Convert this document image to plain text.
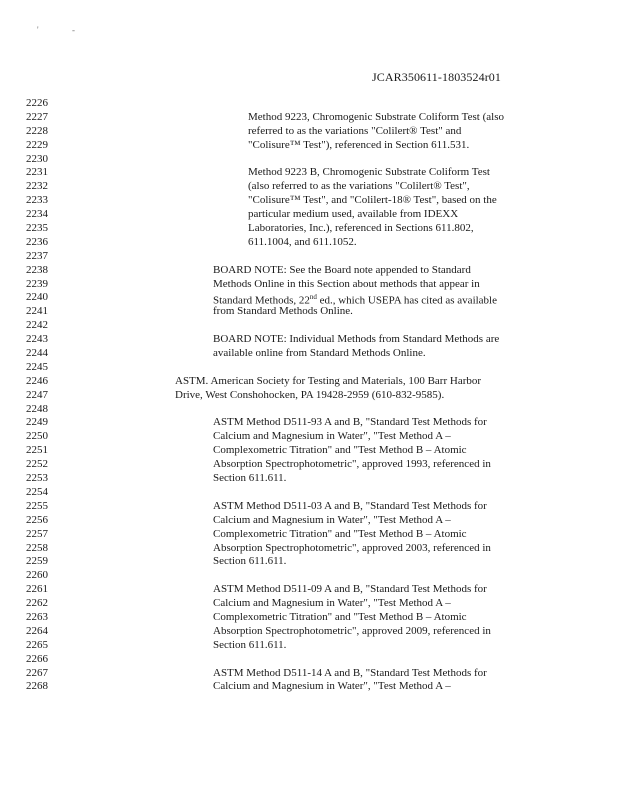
'	-
JCAR350611-1803524r01
2226
2227	Method 9223, Chromogenic Substrate Coliform Test (also
2228	referred to as the variations "Colilert® Test" and
2229	"Colisure™ Test"), referenced in Section 611.531.
2230
2231	Method 9223 B, Chromogenic Substrate Coliform Test
2232	(also referred to as the variations "Colilert® Test",
2233	"Colisure™ Test", and "Colilert-18® Test", based on the
2234	particular medium used, available from IDEXX
2235	Laboratories, Inc.), referenced in Sections 611.802,
2236	611.1004, and 611.1052.
2237
2238	BOARD NOTE: See the Board note appended to Standard
2239	Methods Online in this Section about methods that appear in
2240	Standard Methods, 22nd ed., which USEPA has cited as available
2241	from Standard Methods Online.
2242
2243	BOARD NOTE: Individual Methods from Standard Methods are
2244	available online from Standard Methods Online.
2245
2246	ASTM. American Society for Testing and Materials, 100 Barr Harbor
2247	Drive, West Conshohocken, PA 19428-2959 (610-832-9585).
2248
2249	ASTM Method D511-93 A and B, "Standard Test Methods for
2250	Calcium and Magnesium in Water", "Test Method A –
2251	Complexometric Titration" and "Test Method B – Atomic
2252	Absorption Spectrophotometric", approved 1993, referenced in
2253	Section 611.611.
2254
2255	ASTM Method D511-03 A and B, "Standard Test Methods for
2256	Calcium and Magnesium in Water", "Test Method A –
2257	Complexometric Titration" and "Test Method B – Atomic
2258	Absorption Spectrophotometric", approved 2003, referenced in
2259	Section 611.611.
2260
2261	ASTM Method D511-09 A and B, "Standard Test Methods for
2262	Calcium and Magnesium in Water", "Test Method A –
2263	Complexometric Titration" and "Test Method B – Atomic
2264	Absorption Spectrophotometric", approved 2009, referenced in
2265	Section 611.611.
2266
2267	ASTM Method D511-14 A and B, "Standard Test Methods for
2268	Calcium and Magnesium in Water", "Test Method A –
